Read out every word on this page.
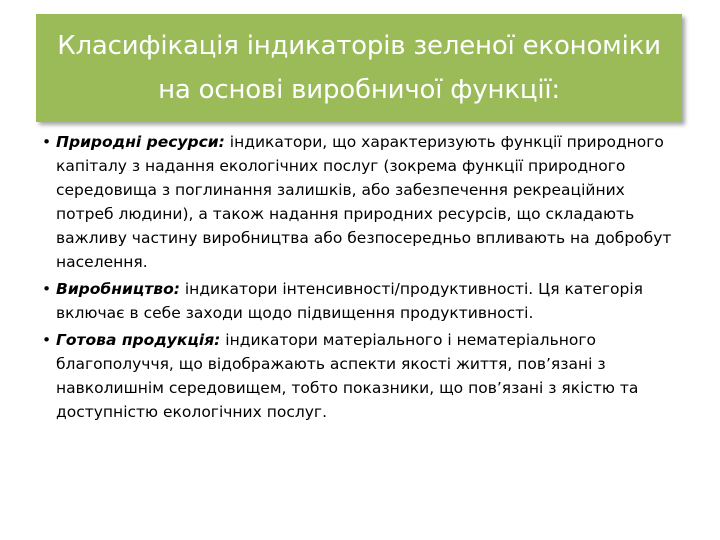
Класифікація індикаторів зеленої економіки на основі виробничої функції:
• Природні ресурси: індикатори, що характеризують функції природного капіталу з надання екологічних послуг (зокрема функції природного середовища з поглинання залишків, або забезпечення рекреаційних потреб людини), а також надання природних ресурсів, що складають важливу частину виробництва або безпосередньо впливають на добробут населення.
• Виробництво: індикатори інтенсивності/продуктивності. Ця категорія включає в себе заходи щодо підвищення продуктивності.
• Готова продукція: індикатори матеріального і нематеріального благополуччя, що відображають аспекти якості життя, пов’язані з навколишнім середовищем, тобто показники, що пов’язані з якістю та доступністю екологічних послуг.
